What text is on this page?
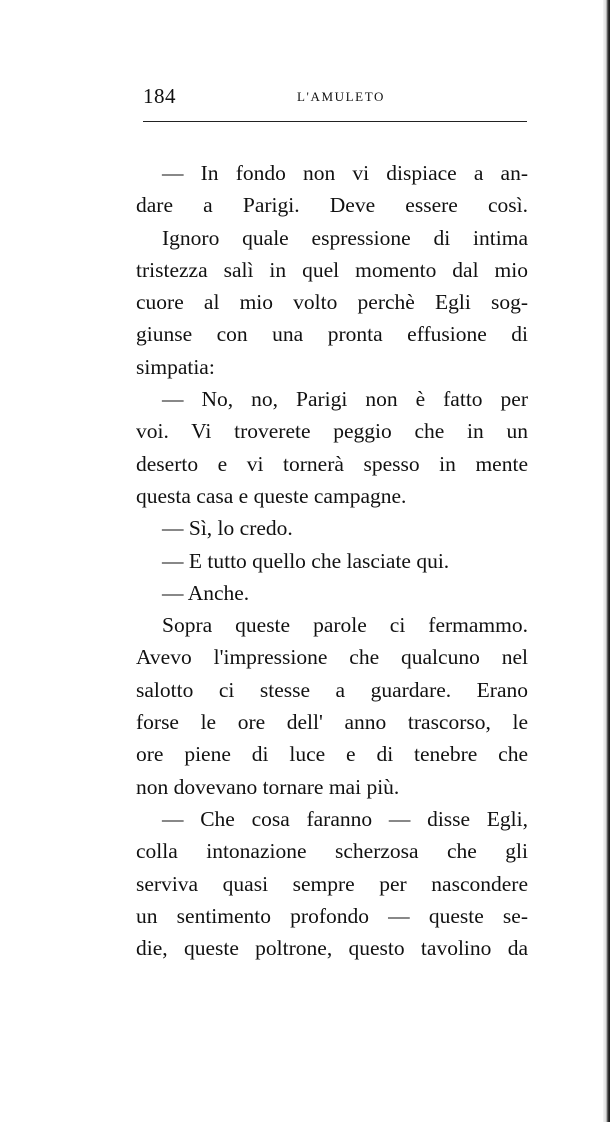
184	L'AMULETO
— In fondo non vi dispiace a an-
dare a Parigi. Deve essere così.
Ignoro quale espressione di intima
tristezza salì in quel momento dal mio
cuore al mio volto perchè Egli sog-
giunse con una pronta effusione di
simpatia:
— No, no, Parigi non è fatto per
voi. Vi troverete peggio che in un
deserto e vi tornerà spesso in mente
questa casa e queste campagne.
— Sì, lo credo.
— E tutto quello che lasciate qui.
— Anche.
Sopra queste parole ci fermammo.
Avevo l'impressione che qualcuno nel
salotto ci stesse a guardare. Erano
forse le ore dell' anno trascorso, le
ore piene di luce e di tenebre che
non dovevano tornare mai più.
— Che cosa faranno — disse Egli,
colla intonazione scherzosa che gli
serviva quasi sempre per nascondere
un sentimento profondo — queste se-
die, queste poltrone, questo tavolino da
